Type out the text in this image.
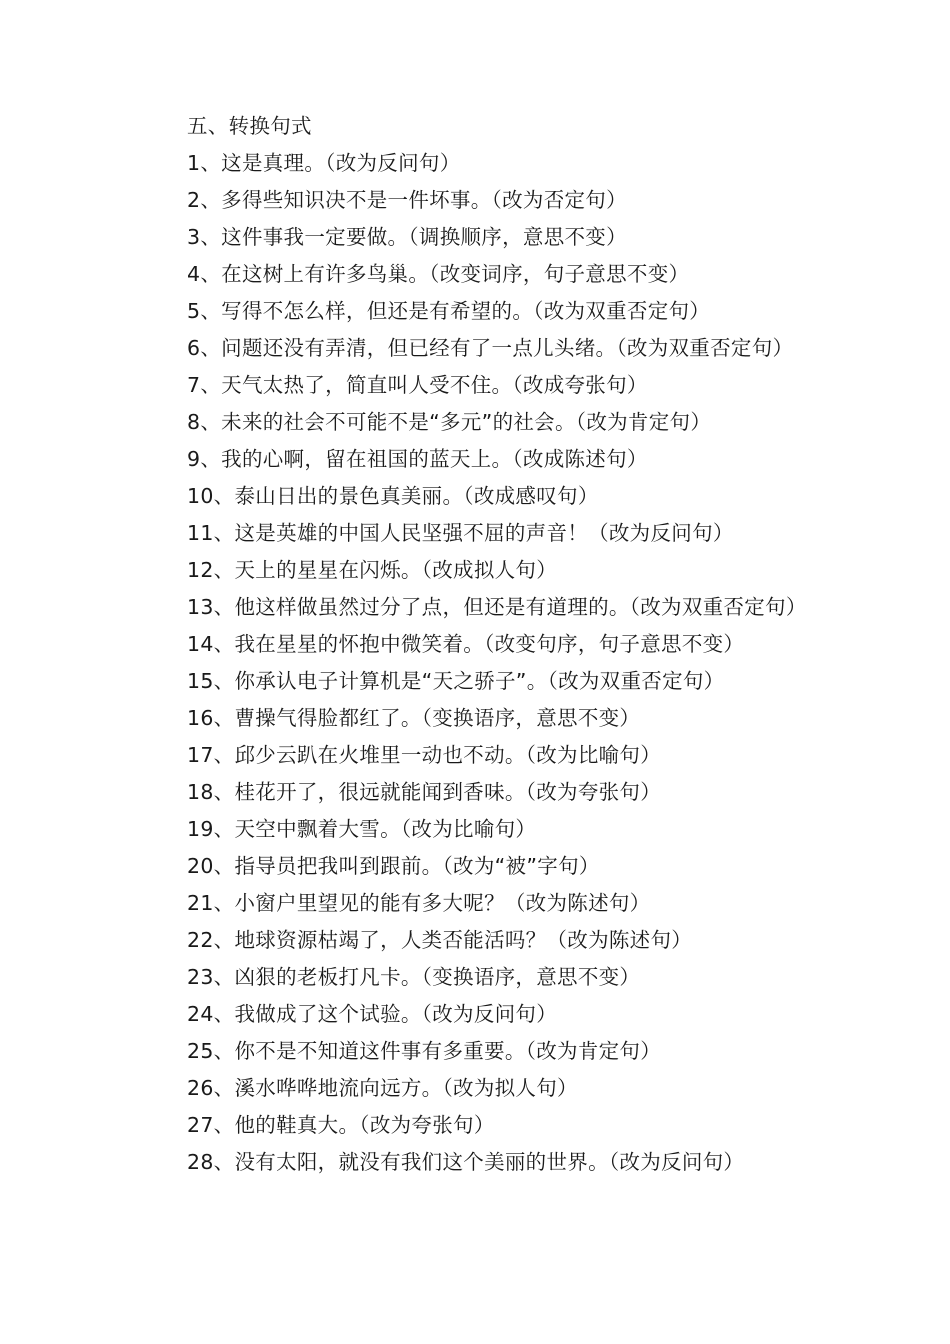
五、转换句式
1、这是真理。（改为反问句）
2、多得些知识决不是一件坏事。（改为否定句）
3、这件事我一定要做。（调换顺序，意思不变）
4、在这树上有许多鸟巢。（改变词序，句子意思不变）
5、写得不怎么样，但还是有希望的。（改为双重否定句）
6、问题还没有弄清，但已经有了一点儿头绪。（改为双重否定句）
7、天气太热了，简直叫人受不住。（改成夸张句）
8、未来的社会不可能不是“多元”的社会。（改为肯定句）
9、我的心啊，留在祖国的蓝天上。（改成陈述句）
10、泰山日出的景色真美丽。（改成感叹句）
11、这是英雄的中国人民坚强不屈的声音！（改为反问句）
12、天上的星星在闪烁。（改成拟人句）
13、他这样做虽然过分了点，但还是有道理的。（改为双重否定句）
14、我在星星的怀抱中微笑着。（改变句序，句子意思不变）
15、你承认电子计算机是“天之骄子”。（改为双重否定句）
16、曹操气得脸都红了。（变换语序，意思不变）
17、邱少云趴在火堆里一动也不动。（改为比喻句）
18、桂花开了，很远就能闻到香味。（改为夸张句）
19、天空中飘着大雪。（改为比喻句）
20、指导员把我叫到跟前。（改为“被”字句）
21、小窗户里望见的能有多大呢？（改为陈述句）
22、地球资源枯竭了，人类否能活吗？（改为陈述句）
23、凶狠的老板打凡卡。（变换语序，意思不变）
24、我做成了这个试验。（改为反问句）
25、你不是不知道这件事有多重要。（改为肯定句）
26、溪水哗哗地流向远方。（改为拟人句）
27、他的鞋真大。（改为夸张句）
28、没有太阳，就没有我们这个美丽的世界。（改为反问句）
